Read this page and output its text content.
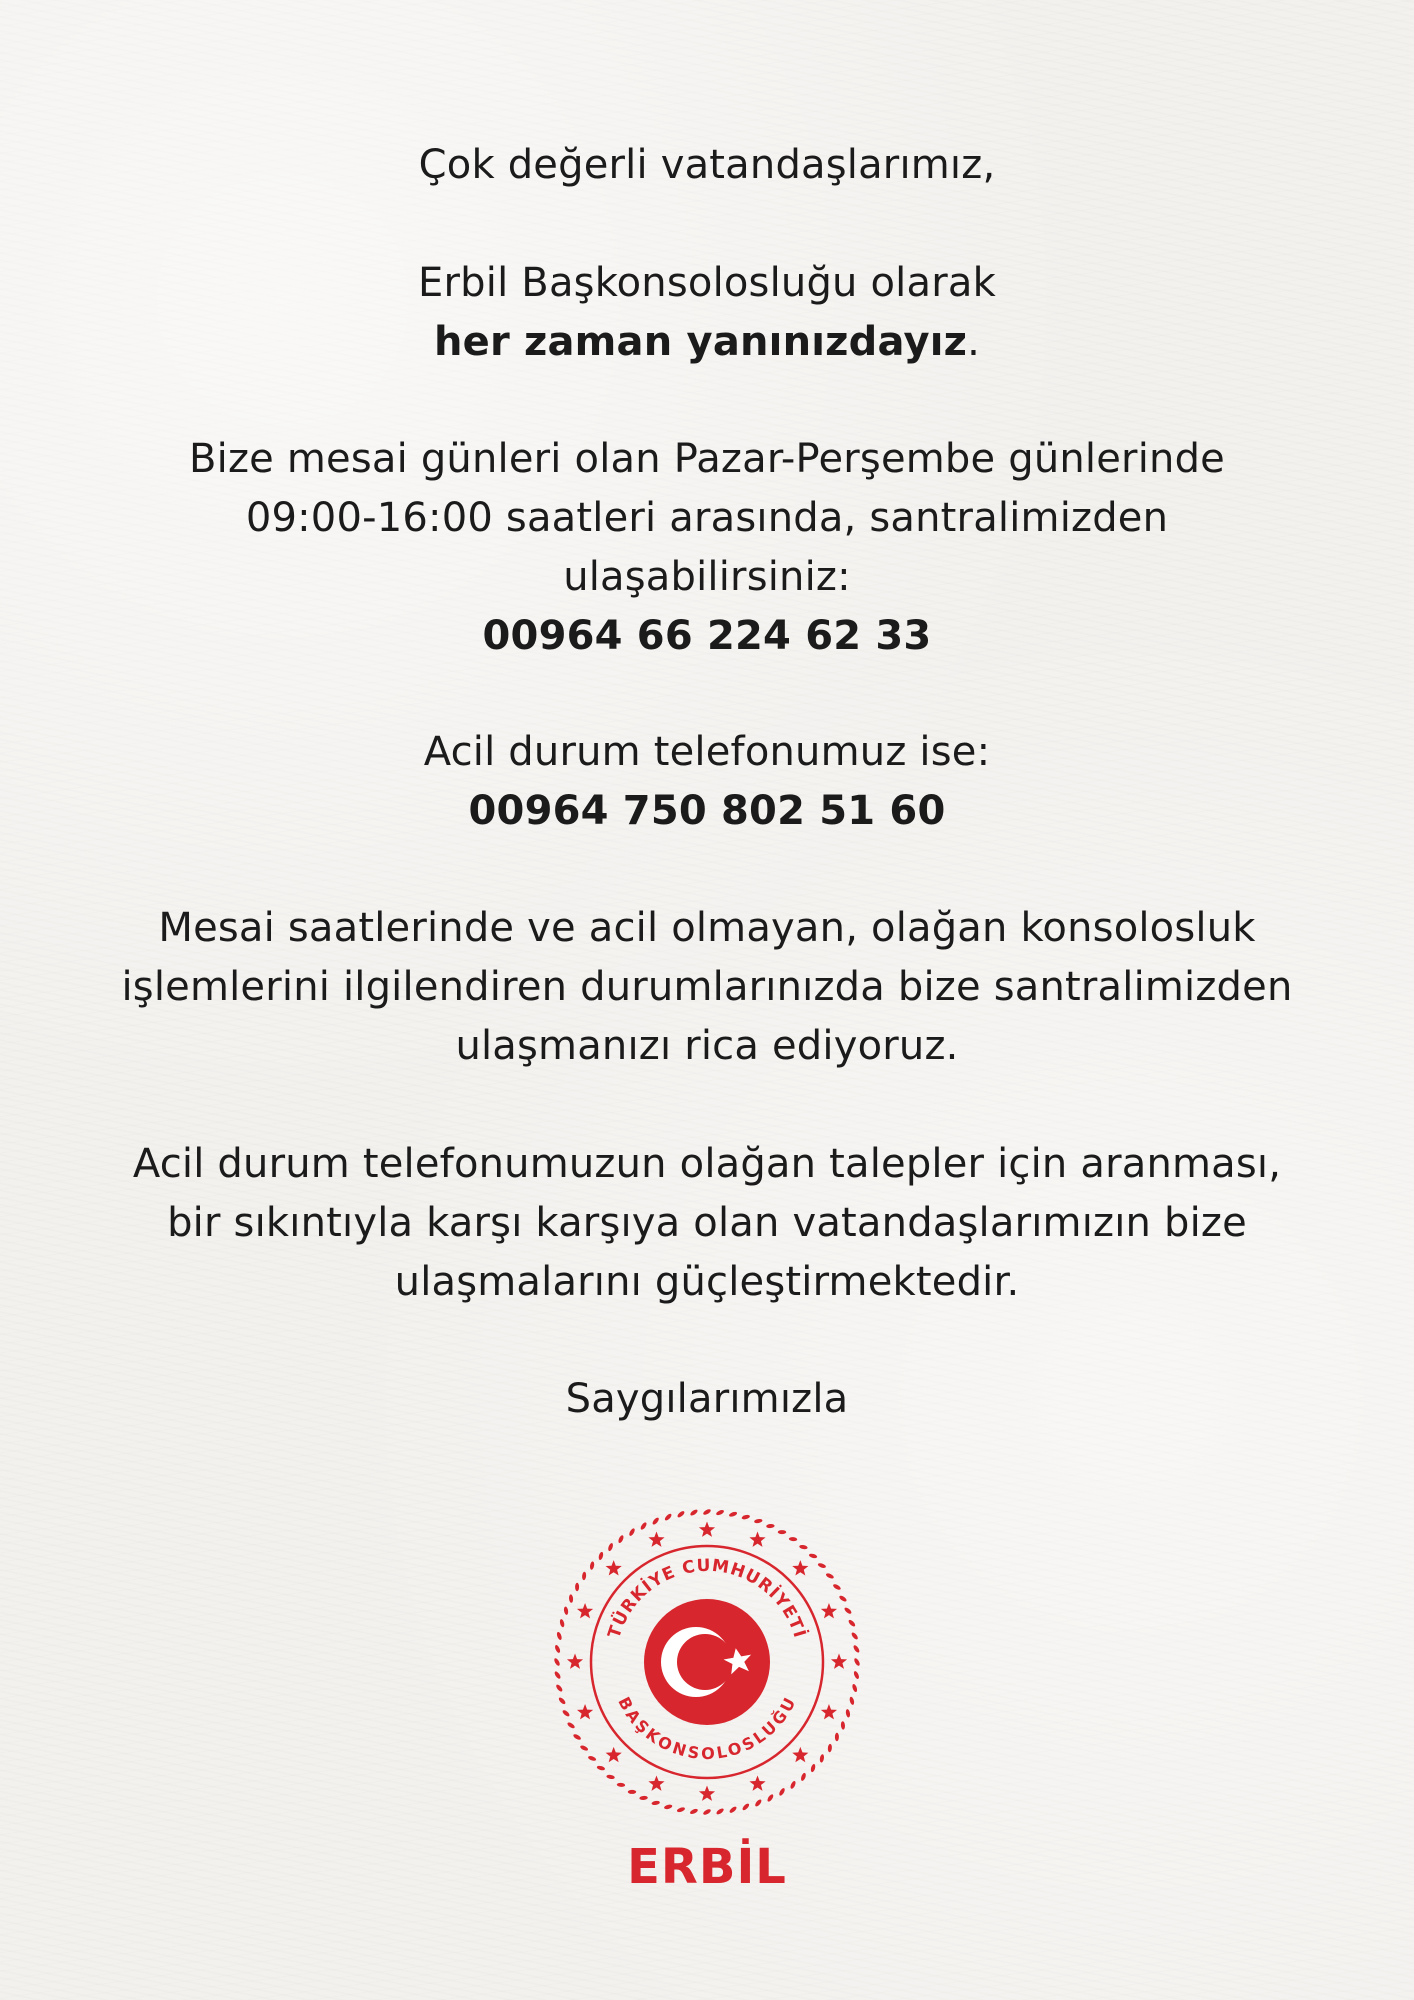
Çok değerli vatandaşlarımız,
Erbil Başkonsolosluğu olarak
her zaman yanınızdayız.
Bize mesai günleri olan Pazar-Perşembe günlerinde
09:00-16:00 saatleri arasında, santralimizden
ulaşabilirsiniz:
00964 66 224 62 33
Acil durum telefonumuz ise:
00964 750 802 51 60
Mesai saatlerinde ve acil olmayan, olağan konsolosluk
işlemlerini ilgilendiren durumlarınızda bize santralimizden
ulaşmanızı rica ediyoruz.
Acil durum telefonumuzun olağan talepler için aranması,
bir sıkıntıyla karşı karşıya olan vatandaşlarımızın bize
ulaşmalarını güçleştirmektedir.
Saygılarımızla
TÜRKİYE CUMHURİYETİ
BAŞKONSOLOSLUĞU
ERBİL
